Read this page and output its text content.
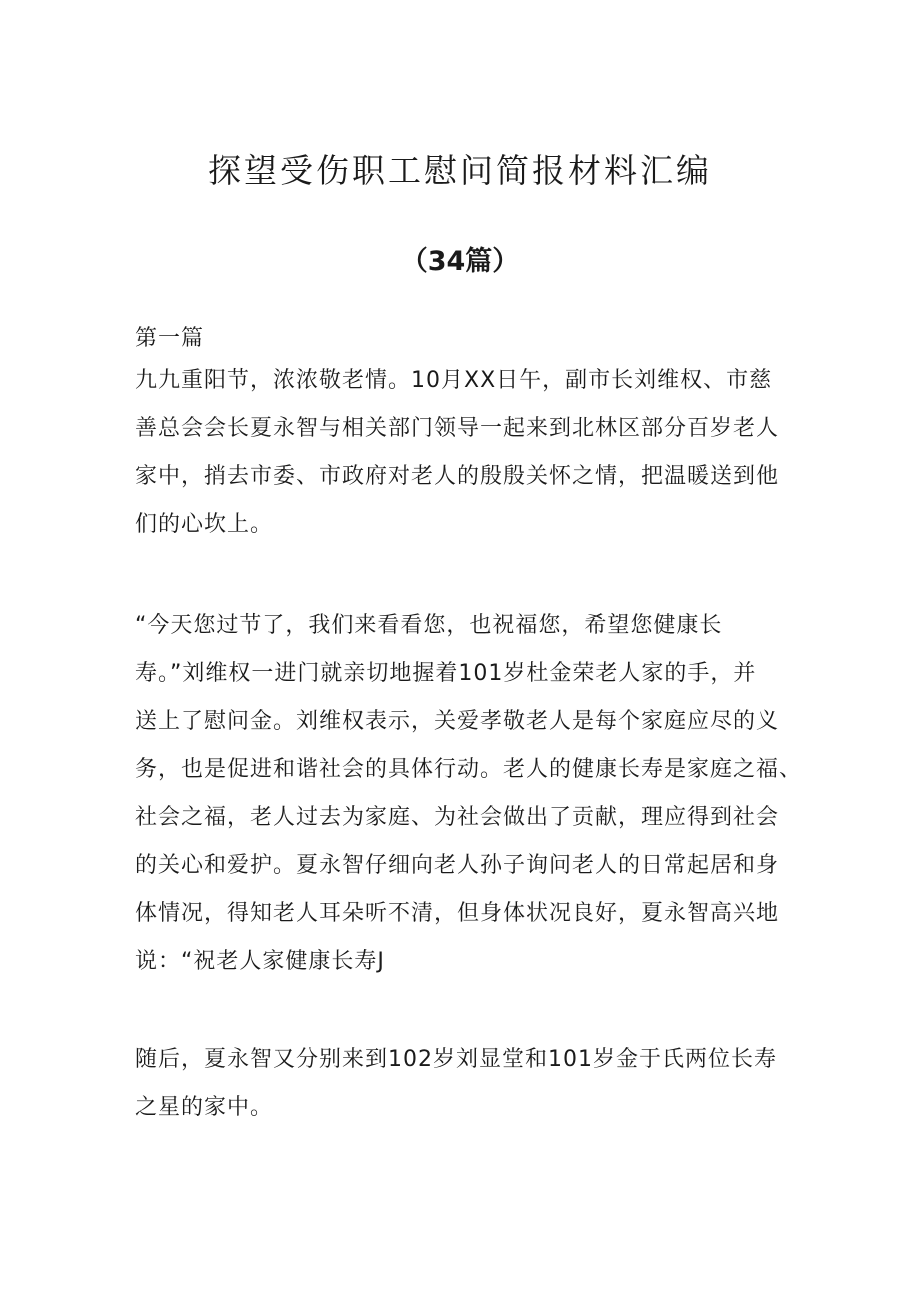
探望受伤职工慰问简报材料汇编
（34篇）
第一篇

九九重阳节，浓浓敬老情。10月XX日午，副市长刘维权、市慈
善总会会长夏永智与相关部门领导一起来到北林区部分百岁老人
家中，捎去市委、市政府对老人的殷殷关怀之情，把温暖送到他
们的心坎上。

“今天您过节了，我们来看看您，也祝福您，希望您健康长
寿。”刘维权一进门就亲切地握着101岁杜金荣老人家的手，并
送上了慰问金。刘维权表示，关爱孝敬老人是每个家庭应尽的义
务，也是促进和谐社会的具体行动。老人的健康长寿是家庭之福、
社会之福，老人过去为家庭、为社会做出了贡献，理应得到社会
的关心和爱护。夏永智仔细向老人孙子询问老人的日常起居和身
体情况，得知老人耳朵听不清，但身体状况良好，夏永智高兴地
说：“祝老人家健康长寿J

随后，夏永智又分别来到102岁刘显堂和101岁金于氏两位长寿
之星的家中。
